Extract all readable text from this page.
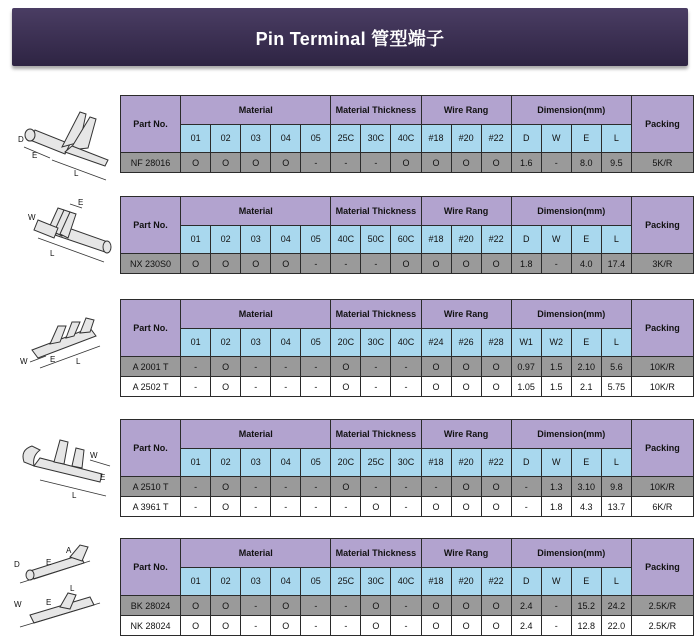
Pin Terminal 管型端子
D
E
L
Part No.	Material					Material Thickness			Wire Rang			Dimension(mm)				Packing
	01	02	03	04	05	25C	30C	40C	#18	#20	#22	D	W	E	L	
NF 28016	O	O	O	O	-	-	-	O	O	O	O	1.6	-	8.0	9.5	5K/R
W
E
L
Part No.	Material					Material Thickness			Wire Rang			Dimension(mm)				Packing
	01	02	03	04	05	40C	50C	60C	#18	#20	#22	D	W	E	L	
NX 230S0	O	O	O	O	-	-	-	O	O	O	O	1.8	-	4.0	17.4	3K/R
W	E	L
Part No.	Material					Material Thickness			Wire Rang			Dimension(mm)				Packing
	01	02	03	04	05	20C	30C	40C	#24	#26	#28	W1	W2	E	L	
A 2001 T	-	O	-	-	-	O	-	-	O	O	O	0.97	1.5	2.10	5.6	10K/R
A 2502 T	-	O	-	-	-	O	-	-	O	O	O	1.05	1.5	2.1	5.75	10K/R
W
E
L
Part No.	Material					Material Thickness			Wire Rang			Dimension(mm)				Packing
	01	02	03	04	05	20C	25C	30C	#18	#20	#22	D	W	E	L	
A 2510 T	-	O	-	-	-	O	-	-	-	O	O	-	1.3	3.10	9.8	10K/R
A 3961 T	-	O	-	-	-	-	O	-	O	O	O	-	1.8	4.3	13.7	6K/R
D	E
A
W	E
L
Part No.	Material					Material Thickness			Wire Rang			Dimension(mm)				Packing
	01	02	03	04	05	25C	30C	40C	#18	#20	#22	D	W	E	L	
BK 28024	O	O	-	O	-	-	O	-	O	O	O	2.4	-	15.2	24.2	2.5K/R
NK 28024	O	O	-	O	-	-	O	-	O	O	O	2.4	-	12.8	22.0	2.5K/R
